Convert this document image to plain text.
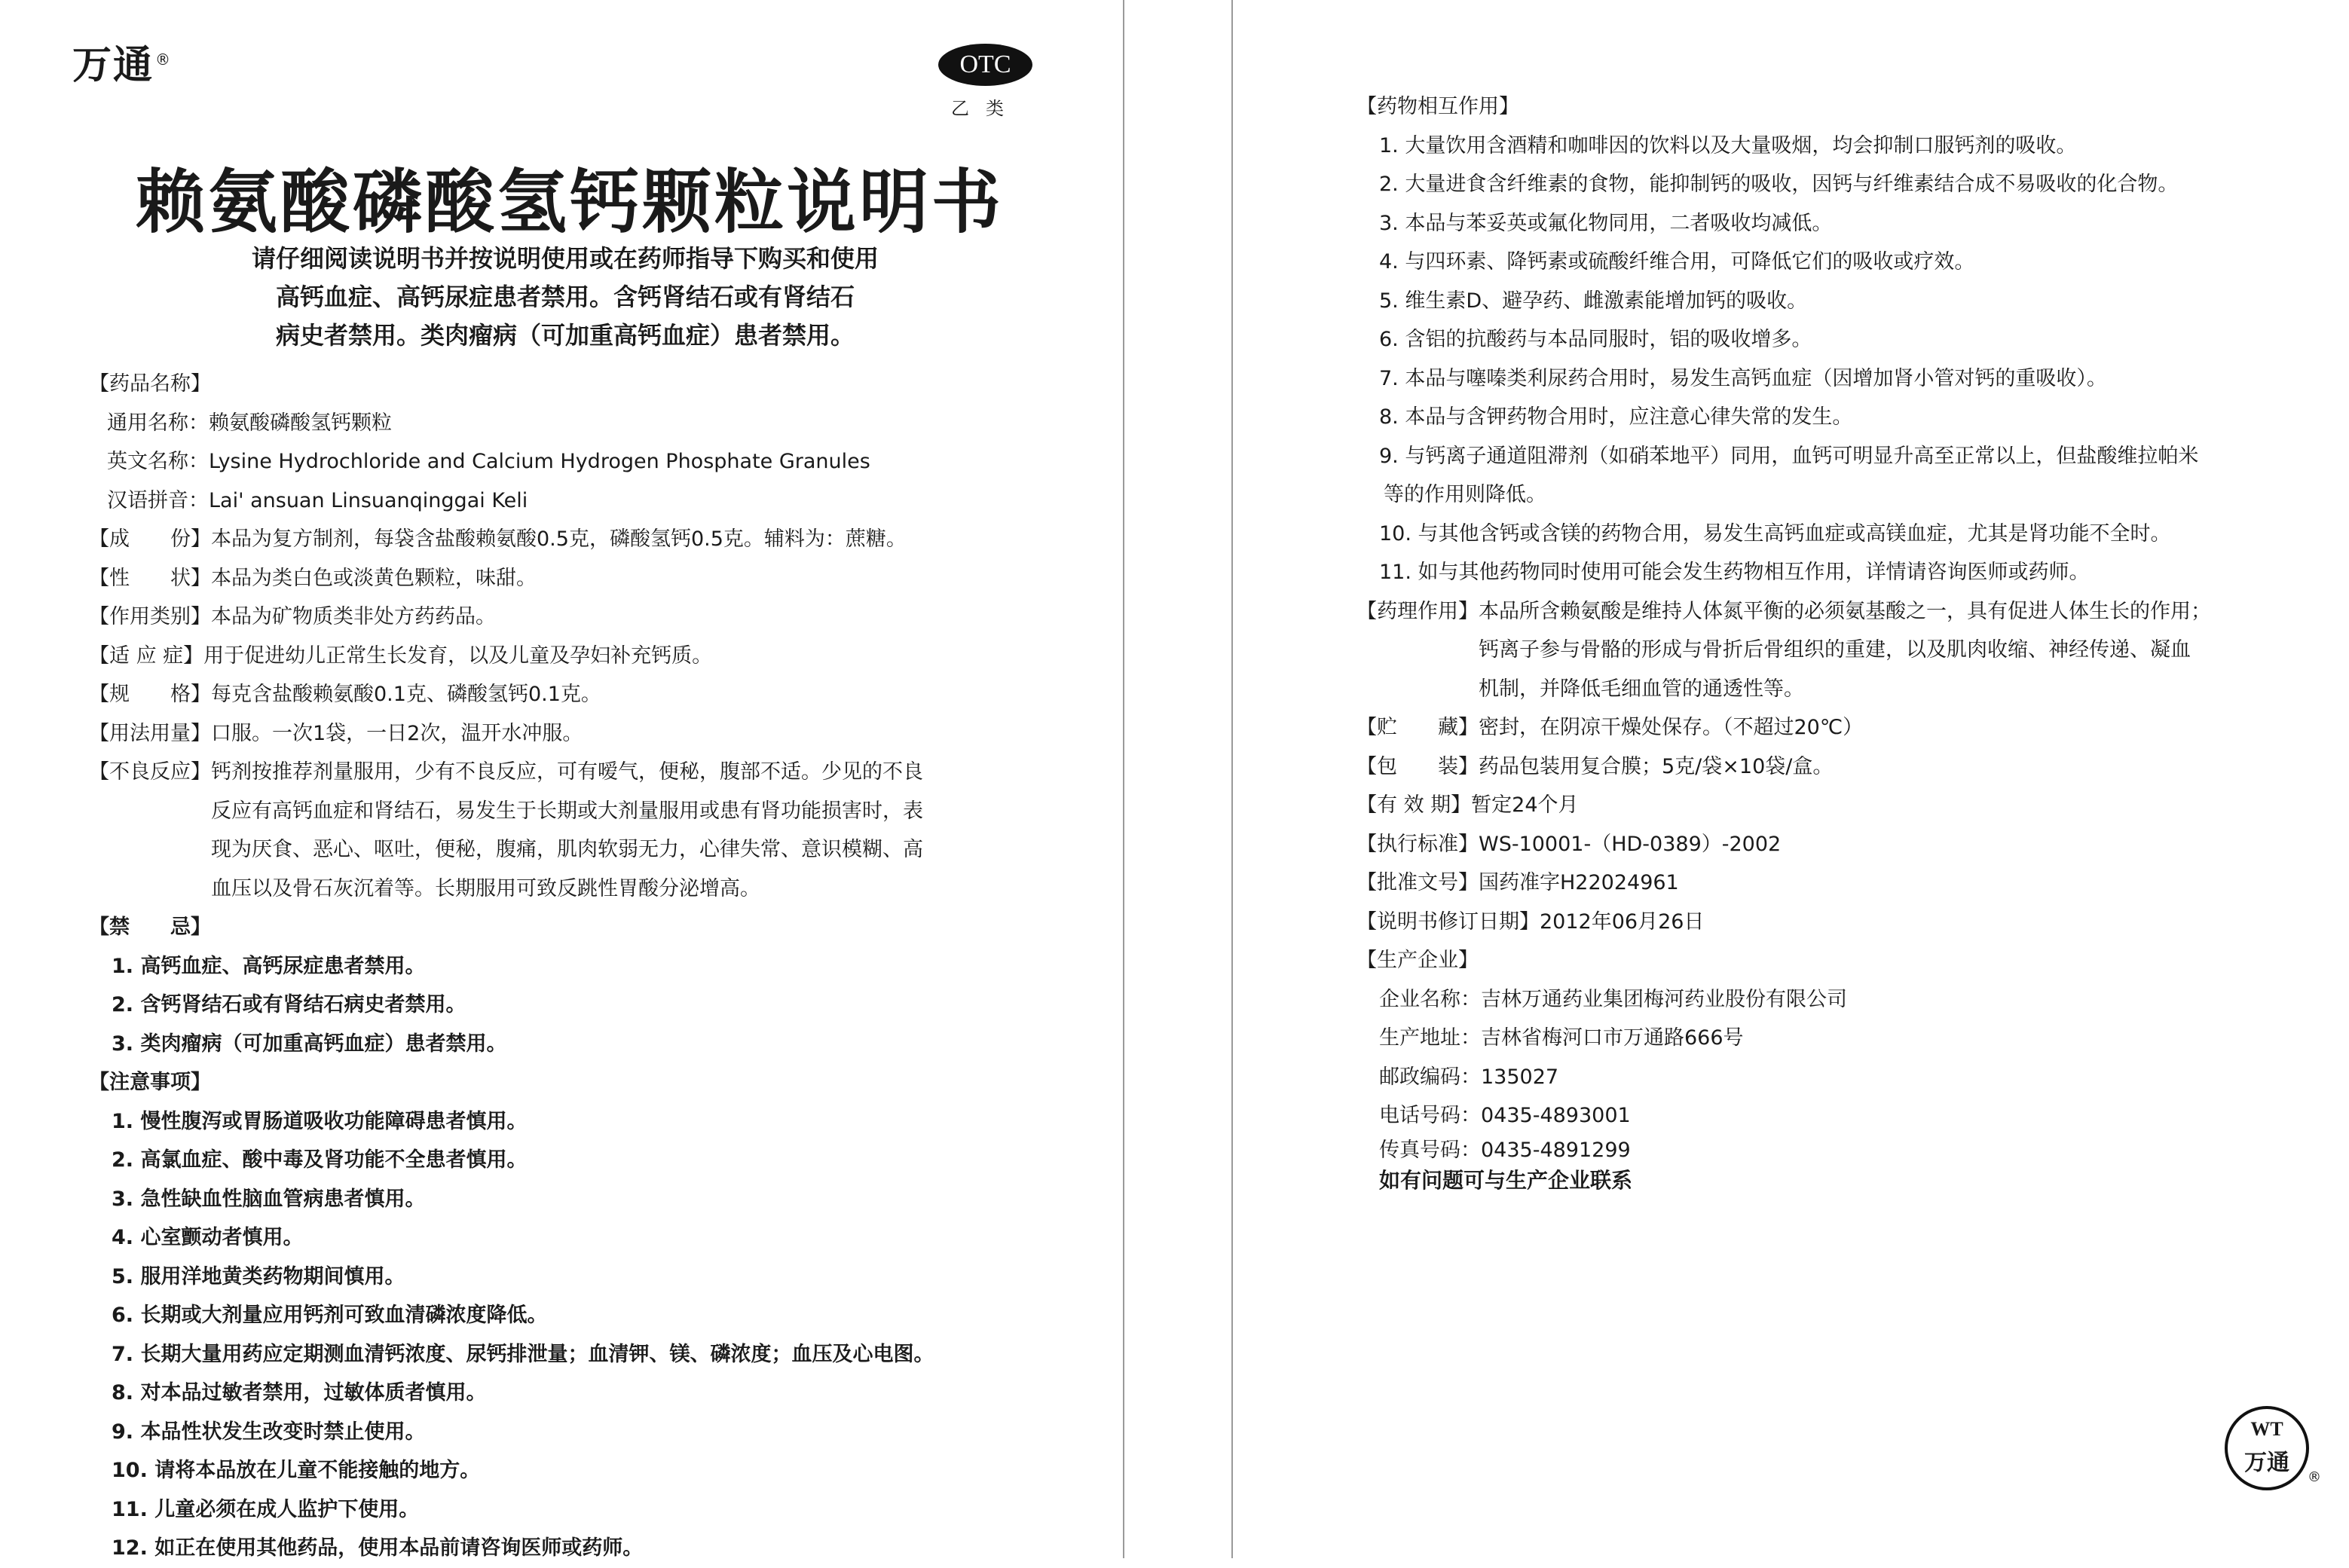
万通 ®	OTC
乙类
赖氨酸磷酸氢钙颗粒说明书
请仔细阅读说明书并按说明使用或在药师指导下购买和使用
高钙血症、高钙尿症患者禁用。含钙肾结石或有肾结石
病史者禁用。类肉瘤病（可加重高钙血症）患者禁用。
【药品名称】
通用名称：赖氨酸磷酸氢钙颗粒
英文名称：Lysine Hydrochloride and Calcium Hydrogen Phosphate Granules
汉语拼音：Lai' ansuan Linsuanqinggai Keli
【成　　份】本品为复方制剂，每袋含盐酸赖氨酸0.5克，磷酸氢钙0.5克。辅料为：蔗糖。
【性　　状】本品为类白色或淡黄色颗粒，味甜。
【作用类别】本品为矿物质类非处方药药品。
【适 应 症】用于促进幼儿正常生长发育，以及儿童及孕妇补充钙质。
【规　　格】每克含盐酸赖氨酸0.1克、磷酸氢钙0.1克。
【用法用量】口服。一次1袋，一日2次，温开水冲服。
【不良反应】 钙剂按推荐剂量服用，少有不良反应，可有嗳气，便秘，腹部不适。少见的不良
反应有高钙血症和肾结石，易发生于长期或大剂量服用或患有肾功能损害时，表
现为厌食、恶心、呕吐，便秘，腹痛，肌肉软弱无力，心律失常、意识模糊、高
血压以及骨石灰沉着等。长期服用可致反跳性胃酸分泌增高。
【禁　　忌】
1. 高钙血症、高钙尿症患者禁用。
2. 含钙肾结石或有肾结石病史者禁用。
3. 类肉瘤病（可加重高钙血症）患者禁用。
【注意事项】
1. 慢性腹泻或胃肠道吸收功能障碍患者慎用。
2. 高氯血症、酸中毒及肾功能不全患者慎用。
3. 急性缺血性脑血管病患者慎用。
4. 心室颤动者慎用。
5. 服用洋地黄类药物期间慎用。
6. 长期或大剂量应用钙剂可致血清磷浓度降低。
7. 长期大量用药应定期测血清钙浓度、尿钙排泄量；血清钾、镁、磷浓度；血压及心电图。
8. 对本品过敏者禁用，过敏体质者慎用。
9. 本品性状发生改变时禁止使用。
10. 请将本品放在儿童不能接触的地方。
11. 儿童必须在成人监护下使用。
12. 如正在使用其他药品，使用本品前请咨询医师或药师。
【药物相互作用】
1. 大量饮用含酒精和咖啡因的饮料以及大量吸烟，均会抑制口服钙剂的吸收。
2. 大量进食含纤维素的食物，能抑制钙的吸收，因钙与纤维素结合成不易吸收的化合物。
3. 本品与苯妥英或氟化物同用，二者吸收均减低。
4. 与四环素、降钙素或硫酸纤维合用，可降低它们的吸收或疗效。
5. 维生素D、避孕药、雌激素能增加钙的吸收。
6. 含铝的抗酸药与本品同服时，铝的吸收增多。
7. 本品与噻嗪类利尿药合用时，易发生高钙血症（因增加肾小管对钙的重吸收）。
8. 本品与含钾药物合用时，应注意心律失常的发生。
9. 与钙离子通道阻滞剂（如硝苯地平）同用，血钙可明显升高至正常以上，但盐酸维拉帕米
等的作用则降低。
10. 与其他含钙或含镁的药物合用，易发生高钙血症或高镁血症，尤其是肾功能不全时。
11. 如与其他药物同时使用可能会发生药物相互作用，详情请咨询医师或药师。
【药理作用】 本品所含赖氨酸是维持人体氮平衡的必须氨基酸之一，具有促进人体生长的作用；
钙离子参与骨骼的形成与骨折后骨组织的重建，以及肌肉收缩、神经传递、凝血
机制，并降低毛细血管的通透性等。
【贮　　藏】密封，在阴凉干燥处保存。（不超过20℃）
【包　　装】药品包装用复合膜；5克/袋×10袋/盒。
【有 效 期】暂定24个月
【执行标准】WS-10001-（HD-0389）-2002
【批准文号】国药准字H22024961
【说明书修订日期】2012年06月26日
【生产企业】
企业名称：吉林万通药业集团梅河药业股份有限公司
生产地址：吉林省梅河口市万通路666号
邮政编码：135027
电话号码：0435-4893001
传真号码：0435-4891299
如有问题可与生产企业联系
WT
万通
®
